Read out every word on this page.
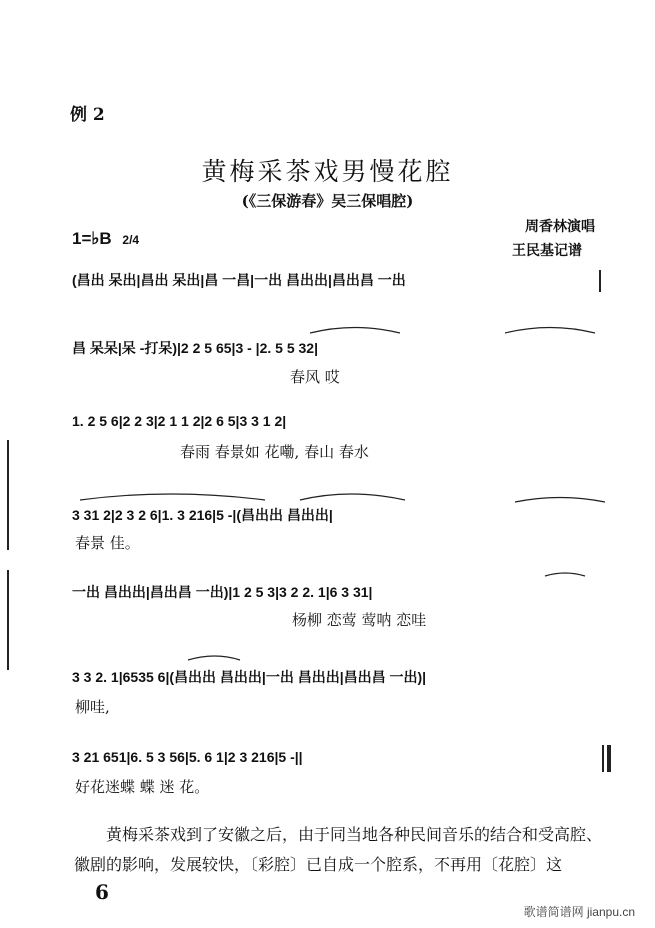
例 2
黄梅采茶戏男慢花腔
(《三保游春》吴三保唱腔)
1=♭B 2/4
周香林演唱
王民基记谱
(昌出 呆出|昌出 呆出|昌 一昌|一出 昌出出|昌出昌 一出
昌 呆呆|呆 -打呆)|2 2 5 65|3 - |2. 5 5 32|
春风 哎
1. 2 5 6|2 2 3|2 1 1 2|2 6 5|3 3 1 2|
春雨 春景如 花嘞, 春山 春水
3 31 2|2 3 2 6|1. 3 216|5 -|(昌出出 昌出出|
春景 佳。
一出 昌出出|昌出昌 一出)|1 2 5 3|3 2 2. 1|6 3 31|
杨柳 恋莺 莺呐 恋哇
3 3 2. 1|6535 6|(昌出出 昌出出|一出 昌出出|昌出昌 一出)|
柳哇,
3 21 651|6. 5 3 56|5. 6 1|2 3 216|5 -||
好花迷蝶 蝶 迷 花。
黄梅采茶戏到了安徽之后，由于同当地各种民间音乐的结合和受高腔、徽剧的影响，发展较快，〔彩腔〕已自成一个腔系，不再用〔花腔〕这
6
歌谱简谱网 jianpu.cn
